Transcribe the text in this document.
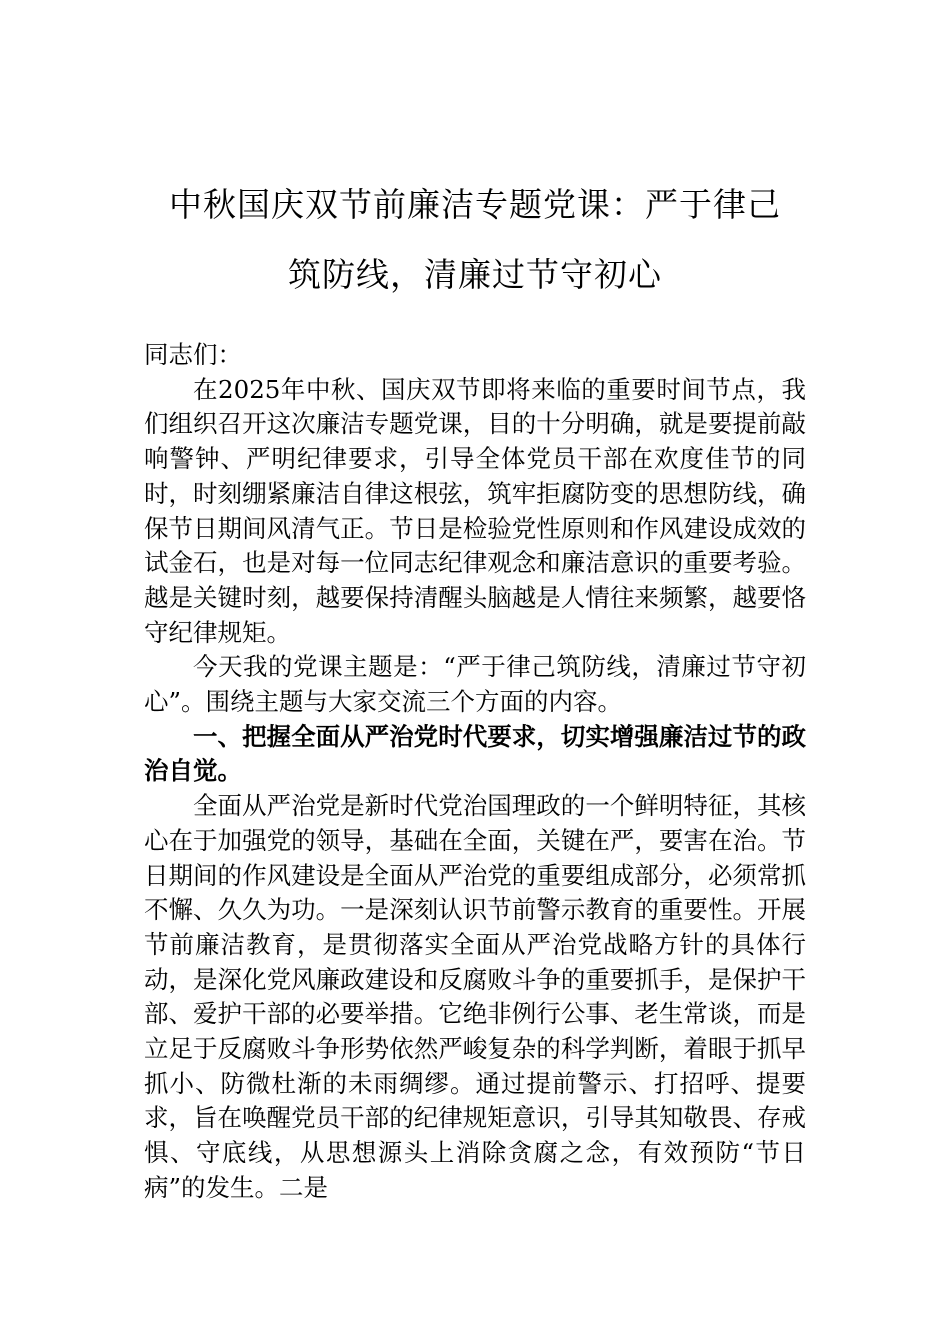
中秋国庆双节前廉洁专题党课：严于律己
筑防线，清廉过节守初心

同志们：

在2025年中秋、国庆双节即将来临的重要时间节点，我们组织召开这次廉洁专题党课，目的十分明确，就是要提前敲响警钟、严明纪律要求，引导全体党员干部在欢度佳节的同时，时刻绷紧廉洁自律这根弦，筑牢拒腐防变的思想防线，确保节日期间风清气正。节日是检验党性原则和作风建设成效的试金石，也是对每一位同志纪律观念和廉洁意识的重要考验。越是关键时刻，越要保持清醒头脑越是人情往来频繁，越要恪守纪律规矩。

今天我的党课主题是：“严于律己筑防线，清廉过节守初心”。围绕主题与大家交流三个方面的内容。

一、把握全面从严治党时代要求，切实增强廉洁过节的政治自觉。

全面从严治党是新时代党治国理政的一个鲜明特征，其核心在于加强党的领导，基础在全面，关键在严，要害在治。节日期间的作风建设是全面从严治党的重要组成部分，必须常抓不懈、久久为功。一是深刻认识节前警示教育的重要性。开展节前廉洁教育，是贯彻落实全面从严治党战略方针的具体行动，是深化党风廉政建设和反腐败斗争的重要抓手，是保护干部、爱护干部的必要举措。它绝非例行公事、老生常谈，而是立足于反腐败斗争形势依然严峻复杂的科学判断，着眼于抓早抓小、防微杜渐的未雨绸缪。通过提前警示、打招呼、提要求，旨在唤醒党员干部的纪律规矩意识，引导其知敬畏、存戒惧、守底线，从思想源头上消除贪腐之念，有效预防“节日病”的发生。二是
